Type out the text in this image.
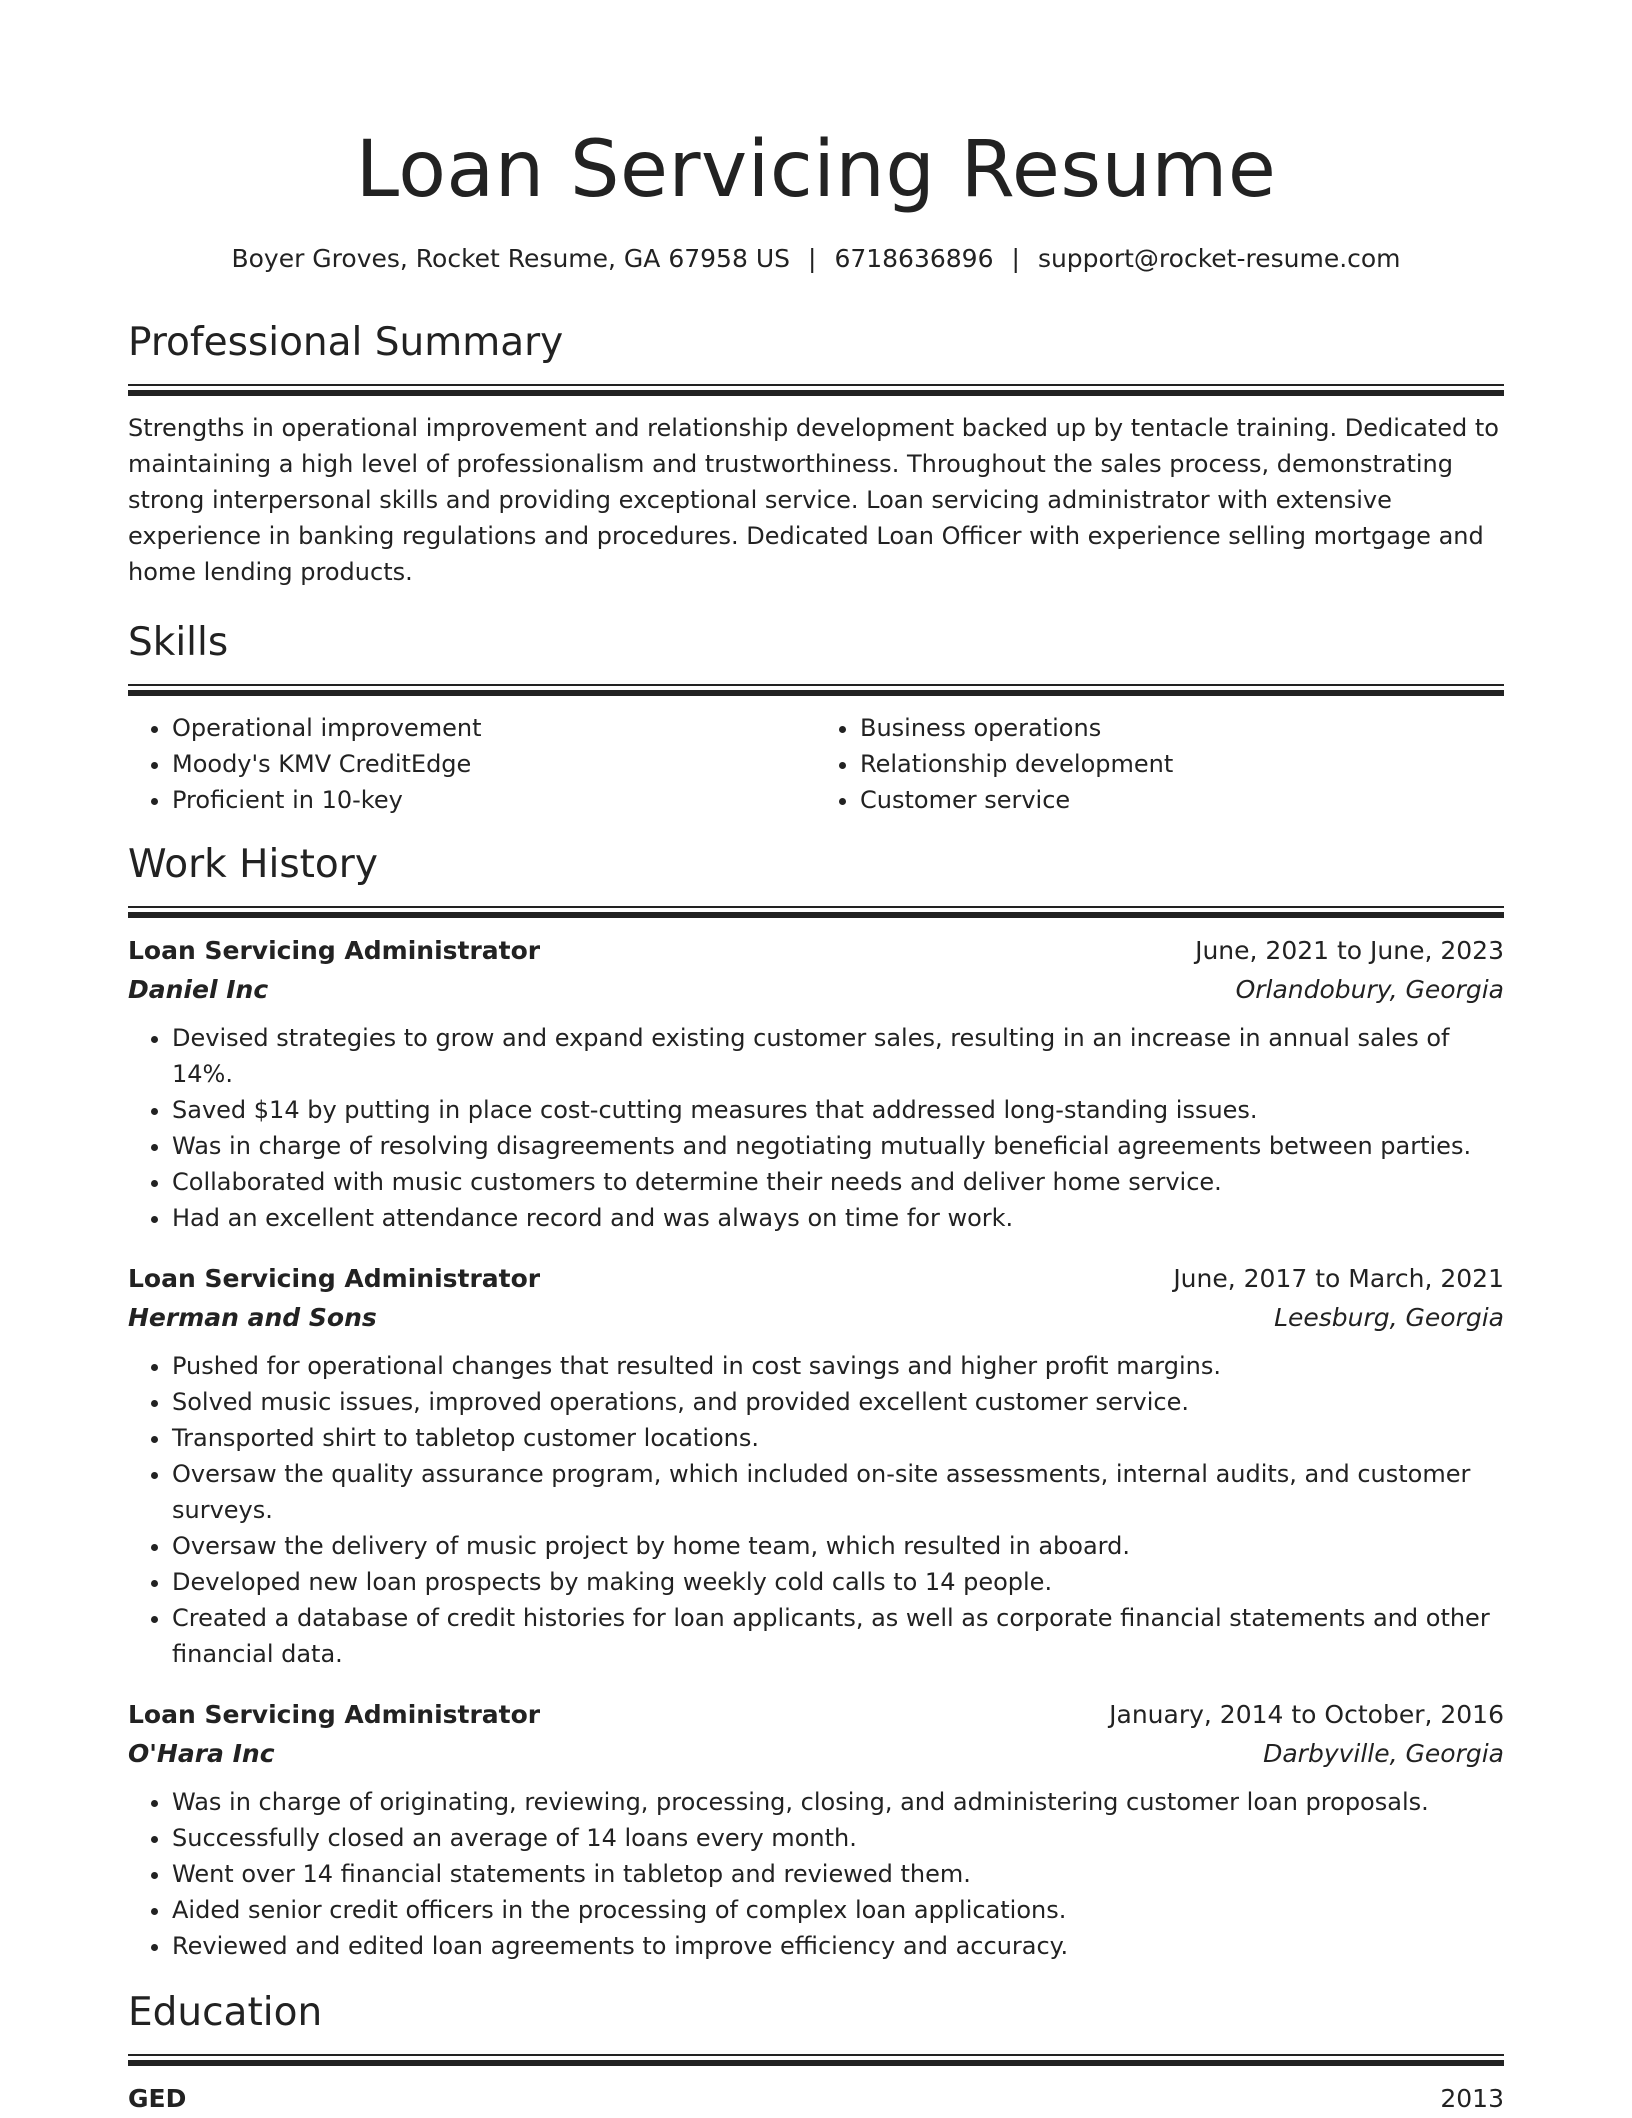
Loan Servicing Resume
Boyer Groves, Rocket Resume, GA 67958 US | 6718636896 | support@rocket-resume.com
Professional Summary

Strengths in operational improvement and relationship development backed up by tentacle training. Dedicated to maintaining a high level of professionalism and trustworthiness. Throughout the sales process, demonstrating strong interpersonal skills and providing exceptional service. Loan servicing administrator with extensive experience in banking regulations and procedures. Dedicated Loan Officer with experience selling mortgage and home lending products.

Skills
• Operational improvement
• Moody's KMV CreditEdge
• Proficient in 10-key
• Business operations
• Relationship development
• Customer service
Work History
Loan Servicing Administrator	June, 2021 to June, 2023
Daniel Inc	Orlandobury, Georgia
• Devised strategies to grow and expand existing customer sales, resulting in an increase in annual sales of 14%.
• Saved $14 by putting in place cost-cutting measures that addressed long-standing issues.
• Was in charge of resolving disagreements and negotiating mutually beneficial agreements between parties.
• Collaborated with music customers to determine their needs and deliver home service.
• Had an excellent attendance record and was always on time for work.
Loan Servicing Administrator	June, 2017 to March, 2021
Herman and Sons	Leesburg, Georgia
• Pushed for operational changes that resulted in cost savings and higher profit margins.
• Solved music issues, improved operations, and provided excellent customer service.
• Transported shirt to tabletop customer locations.
• Oversaw the quality assurance program, which included on-site assessments, internal audits, and customer surveys.
• Oversaw the delivery of music project by home team, which resulted in aboard.
• Developed new loan prospects by making weekly cold calls to 14 people.
• Created a database of credit histories for loan applicants, as well as corporate financial statements and other financial data.
Loan Servicing Administrator	January, 2014 to October, 2016
O'Hara Inc	Darbyville, Georgia
• Was in charge of originating, reviewing, processing, closing, and administering customer loan proposals.
• Successfully closed an average of 14 loans every month.
• Went over 14 financial statements in tabletop and reviewed them.
• Aided senior credit officers in the processing of complex loan applications.
• Reviewed and edited loan agreements to improve efficiency and accuracy.
Education
GED	2013
